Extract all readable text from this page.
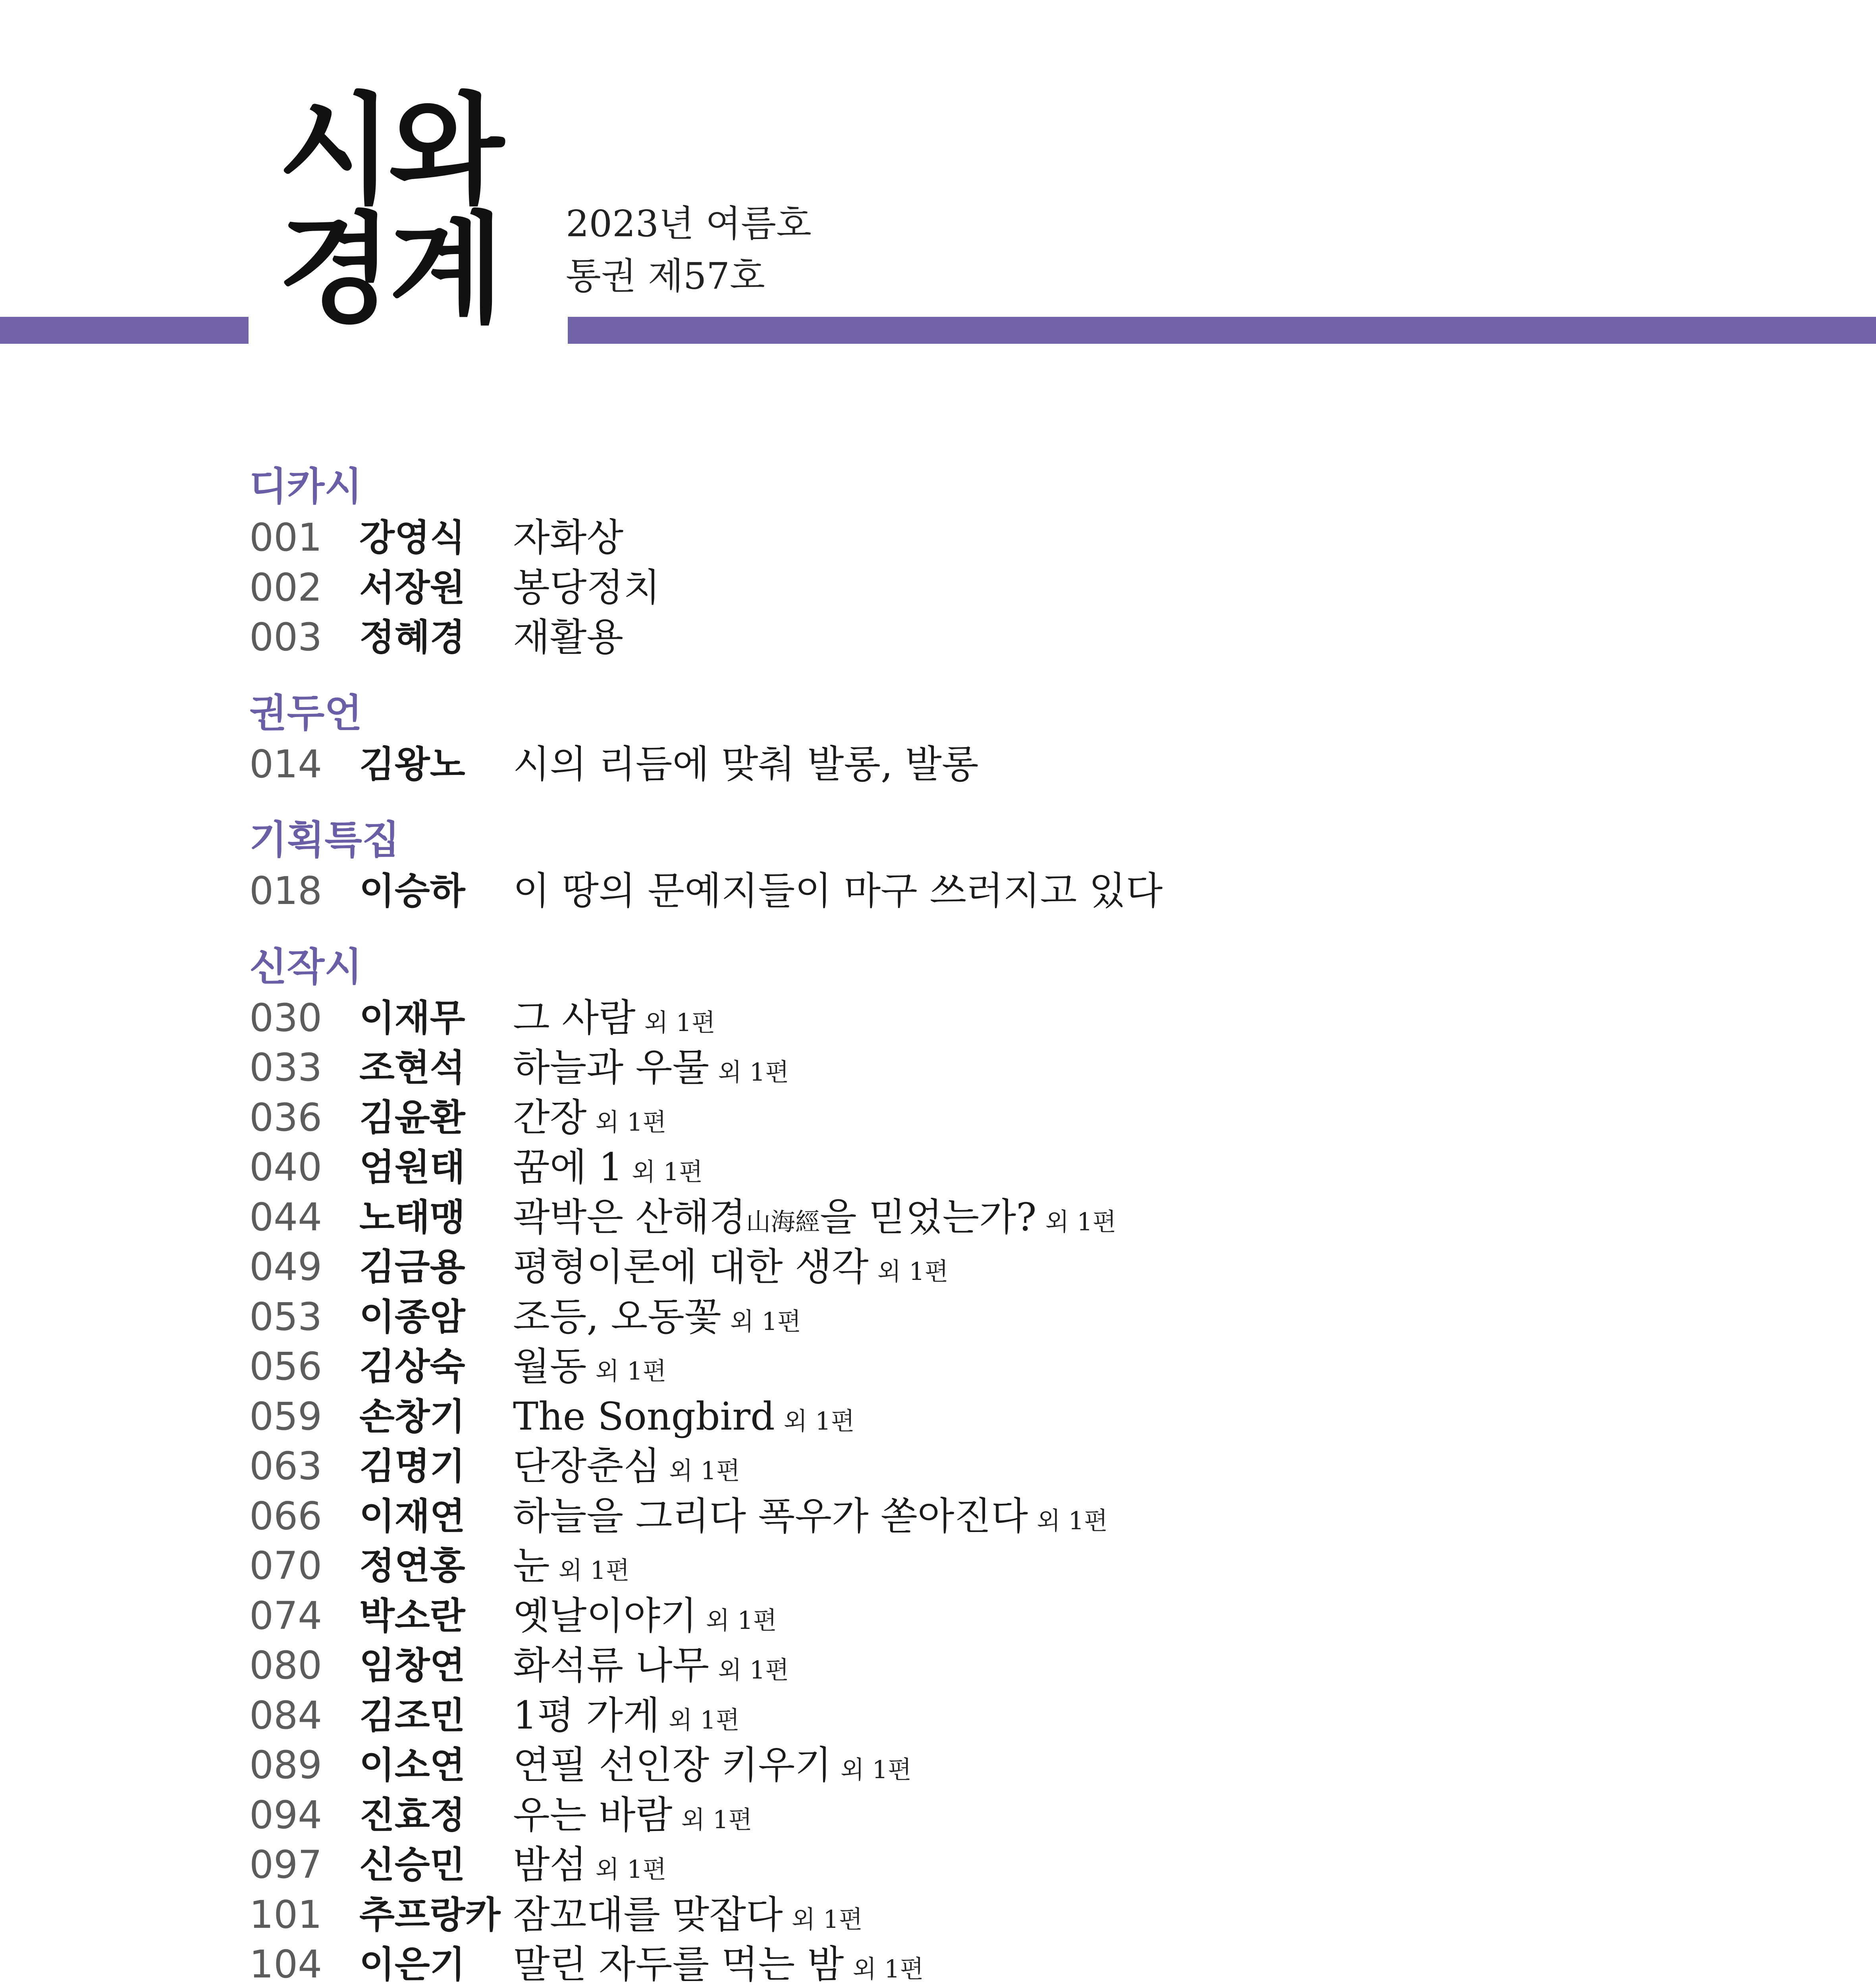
시와
경계	2023년 여름호
통권 제57호
디카시
001	강영식 자화상
002	서장원 봉당정치
003	정혜경 재활용
권두언
014	김왕노 시의 리듬에 맞춰 발롱, 발롱
기획특집
018	이승하 이 땅의 문예지들이 마구 쓰러지고 있다
신작시
030	이재무 그 사람 외 1편
033	조현석 하늘과 우물 외 1편
036	김윤환 간장 외 1편
040	엄원태 꿈에 1 외 1편
044	노태맹 곽박은 산해경山海經을 믿었는가? 외 1편
049	김금용 평형이론에 대한 생각 외 1편
053	이종암 조등, 오동꽃 외 1편
056	김상숙 월동 외 1편
059	손창기 The Songbird 외 1편
063	김명기 단장춘심 외 1편
066	이재연 하늘을 그리다 폭우가 쏟아진다 외 1편
070	정연홍 눈외 1편
074	박소란 옛날이야기 외 1편
080	임창연 화석류 나무 외 1편
084	김조민 1평 가게 외 1편
089	이소연 연필 선인장 키우기 외 1편
094	진효정 우는 바람 외 1편
097	신승민 밤섬 외 1편
101	추프랑카 잠꼬대를 맞잡다 외 1편
104	이은기 말린 자두를 먹는 밤 외 1편
